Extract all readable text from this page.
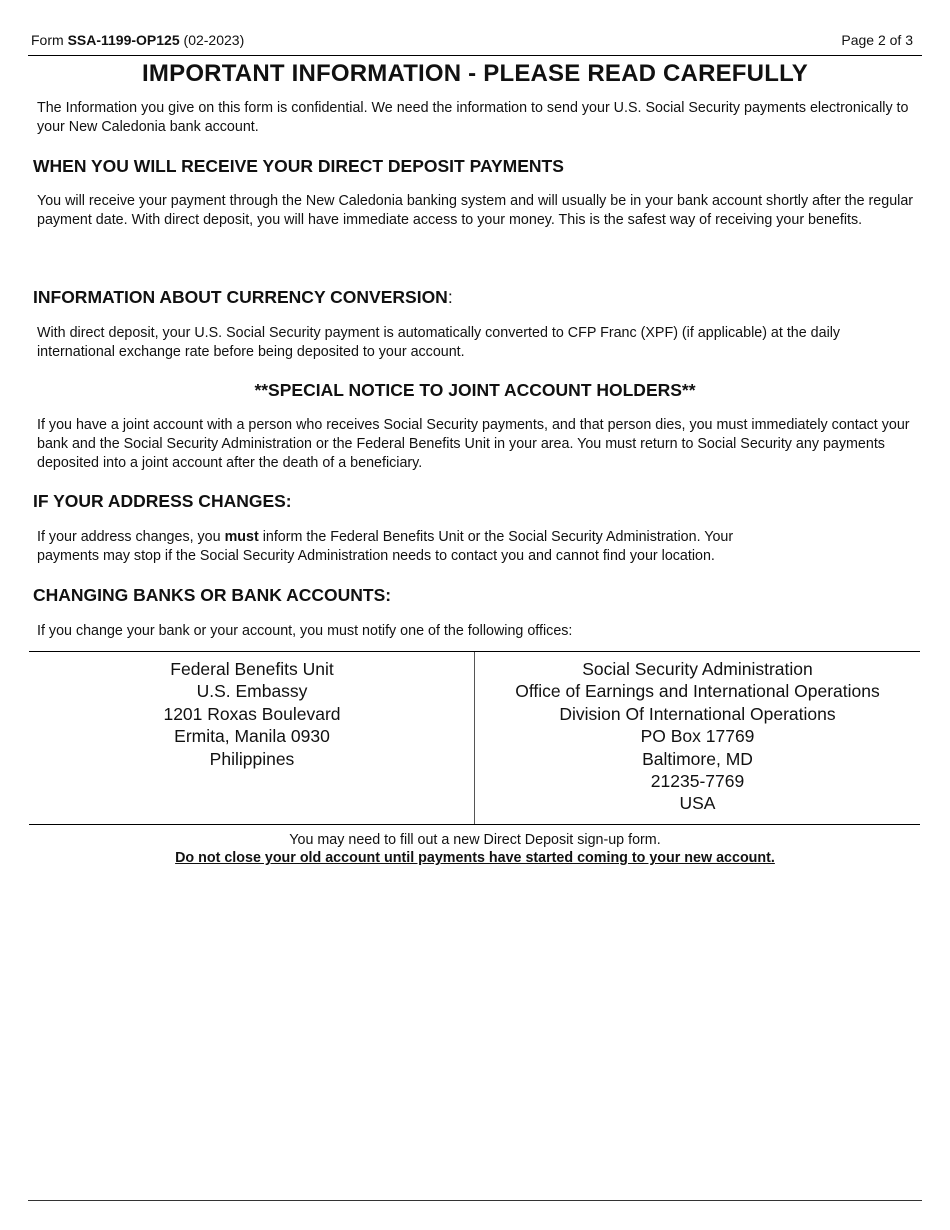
Form SSA-1199-OP125 (02-2023)	Page 2 of 3
IMPORTANT INFORMATION - PLEASE READ CAREFULLY
The Information you give on this form is confidential. We need the information to send your U.S. Social Security payments electronically to your New Caledonia bank account.
WHEN YOU WILL RECEIVE YOUR DIRECT DEPOSIT PAYMENTS
You will receive your payment through the New Caledonia banking system and will usually be in your bank account shortly after the regular payment date. With direct deposit, you will have immediate access to your money. This is the safest way of receiving your benefits.
INFORMATION ABOUT CURRENCY CONVERSION:
With direct deposit, your U.S. Social Security payment is automatically converted to CFP Franc (XPF) (if applicable) at the daily international exchange rate before being deposited to your account.
**SPECIAL NOTICE TO JOINT ACCOUNT HOLDERS**
If you have a joint account with a person who receives Social Security payments, and that person dies, you must immediately contact your bank and the Social Security Administration or the Federal Benefits Unit in your area. You must return to Social Security any payments deposited into a joint account after the death of a beneficiary.
IF YOUR ADDRESS CHANGES:
If your address changes, you must inform the Federal Benefits Unit or the Social Security Administration. Your
payments may stop if the Social Security Administration needs to contact you and cannot find your location.
CHANGING BANKS OR BANK ACCOUNTS:
If you change your bank or your account, you must notify one of the following offices:
Federal Benefits Unit
U.S. Embassy
1201 Roxas Boulevard
Ermita, Manila 0930
Philippines
Social Security Administration
Office of Earnings and International Operations
Division Of International Operations
PO Box 17769
Baltimore, MD
21235-7769
USA
You may need to fill out a new Direct Deposit sign-up form.
Do not close your old account until payments have started coming to your new account.
